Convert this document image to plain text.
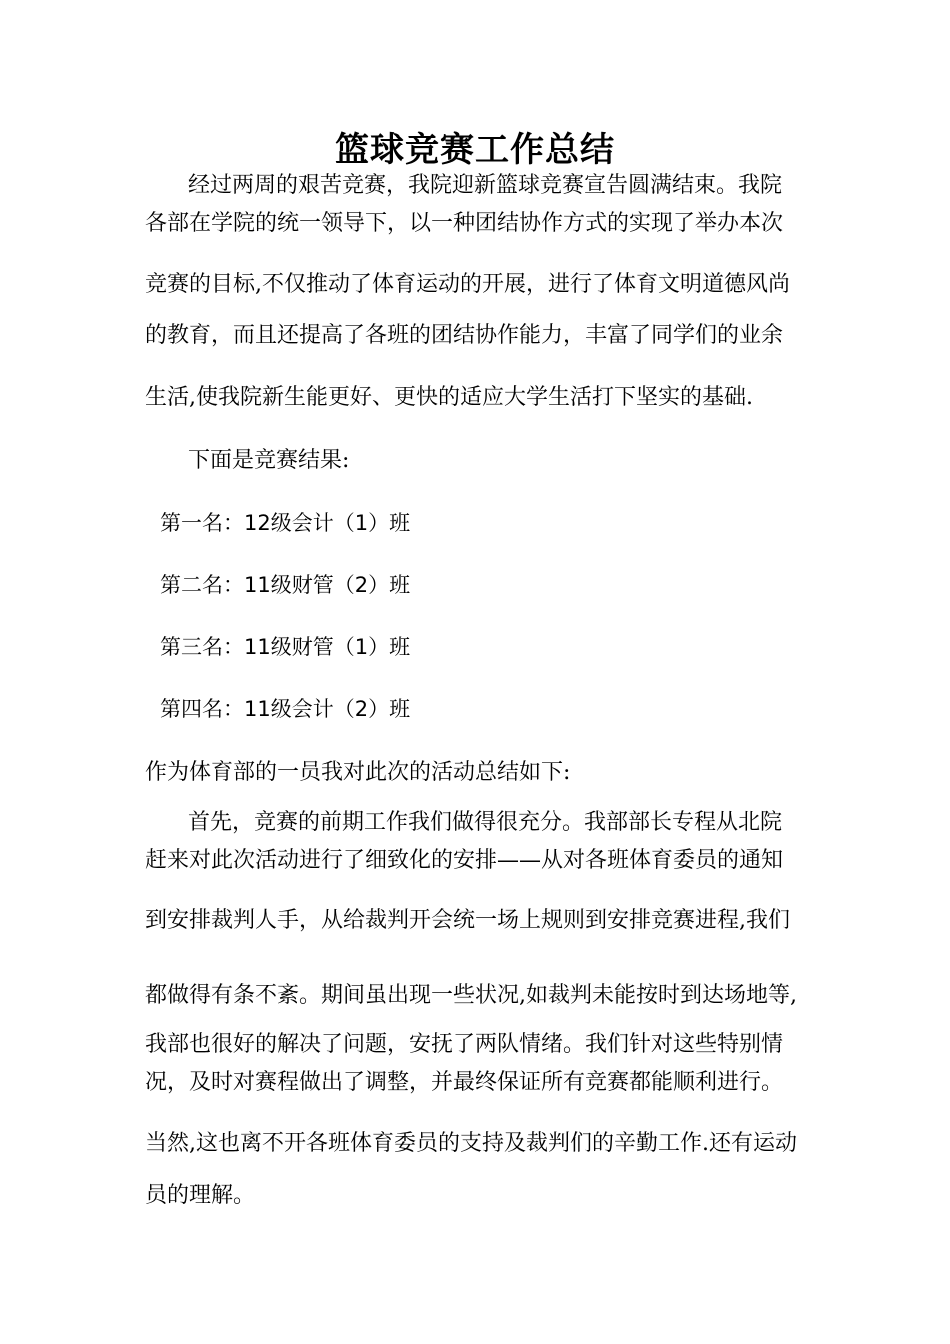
篮球竞赛工作总结
经过两周的艰苦竞赛，我院迎新篮球竞赛宣告圆满结束。我院
各部在学院的统一领导下，以一种团结协作方式的实现了举办本次
竞赛的目标,不仅推动了体育运动的开展，进行了体育文明道德风尚
的教育，而且还提高了各班的团结协作能力，丰富了同学们的业余
生活,使我院新生能更好、更快的适应大学生活打下坚实的基础.
下面是竞赛结果:
第一名：12级会计（1）班
第二名：11级财管（2）班
第三名：11级财管（1）班
第四名：11级会计（2）班
作为体育部的一员我对此次的活动总结如下:
首先，竞赛的前期工作我们做得很充分。我部部长专程从北院
赶来对此次活动进行了细致化的安排——从对各班体育委员的通知
到安排裁判人手，从给裁判开会统一场上规则到安排竞赛进程,我们
都做得有条不紊。期间虽出现一些状况,如裁判未能按时到达场地等,
我部也很好的解决了问题，安抚了两队情绪。我们针对这些特别情
况，及时对赛程做出了调整，并最终保证所有竞赛都能顺利进行。
当然,这也离不开各班体育委员的支持及裁判们的辛勤工作.还有运动
员的理解。
